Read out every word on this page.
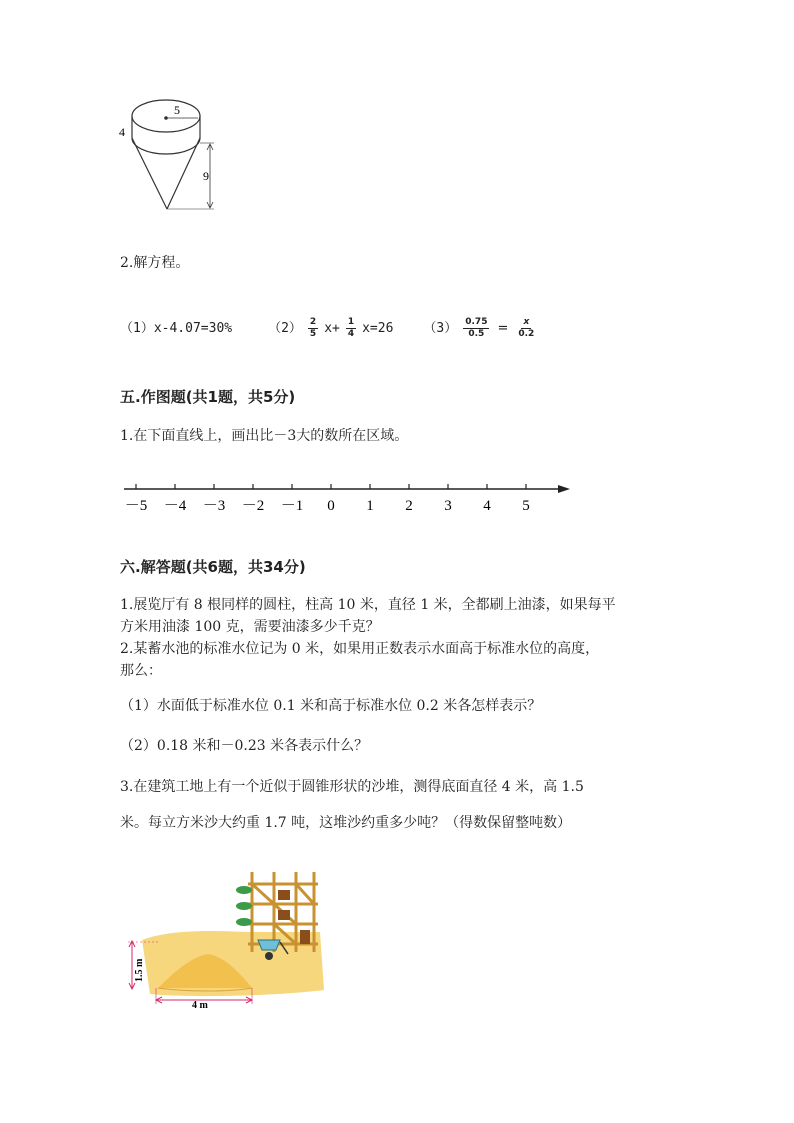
5
4
9
2.解方程。
（1）x-4.07=30%	$(2) \frac{2}{5} x+ \frac{1}{4} x=26$ $(3) \frac{0.75}{0.5} = \frac{x}{0.2}$
五.作图题(共1题，共5分)
1.在下面直线上，画出比－3大的数所在区域。
－5 －4 －3 －2 －1 0 1 2 3 4 5
六.解答题(共6题，共34分)
1.展览厅有 8 根同样的圆柱，柱高 10 米，直径 1 米，全都刷上油漆，如果每平
方米用油漆 100 克，需要油漆多少千克？
2.某蓄水池的标准水位记为 0 米，如果用正数表示水面高于标准水位的高度，
那么：
（1）水面低于标准水位 0.1 米和高于标准水位 0.2 米各怎样表示？
（2）0.18 米和－0.23 米各表示什么？
3.在建筑工地上有一个近似于圆锥形状的沙堆，测得底面直径 4 米，高 1.5
米。每立方米沙大约重 1.7 吨，这堆沙约重多少吨？（得数保留整吨数）
1.5 m
4 m
